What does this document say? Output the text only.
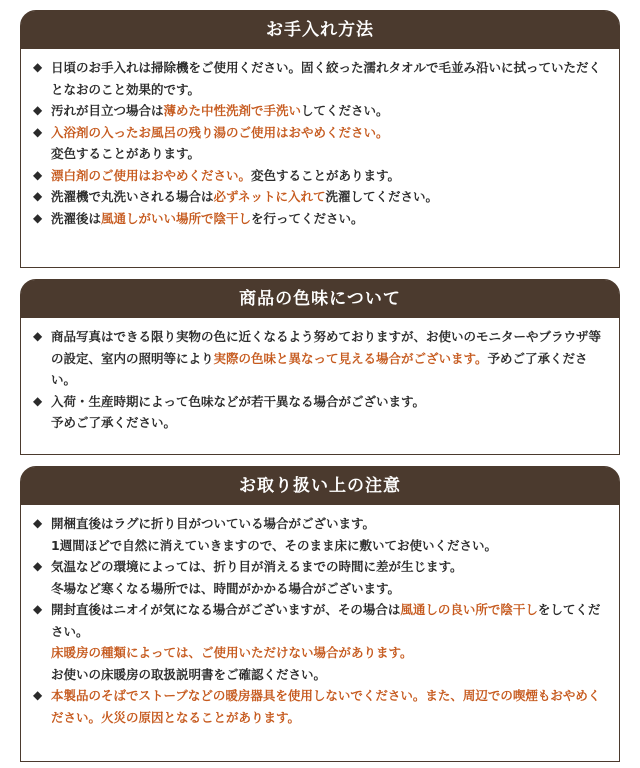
お手入れ方法
◆ 日頃のお手入れは掃除機をご使用ください。固く絞った濡れタオルで毛並み沿いに拭っていただくとなおのこと効果的です。
◆ 汚れが目立つ場合は薄めた中性洗剤で手洗いしてください。
◆ 入浴剤の入ったお風呂の残り湯のご使用はおやめください。
変色することがあります。
◆ 漂白剤のご使用はおやめください。変色することがあります。
◆ 洗濯機で丸洗いされる場合は必ずネットに入れて洗濯してください。
◆ 洗濯後は風通しがいい場所で陰干しを行ってください。
商品の色味について
◆ 商品写真はできる限り実物の色に近くなるよう努めておりますが、お使いのモニターやブラウザ等の設定、室内の照明等により実際の色味と異なって見える場合がございます。予めご了承ください。
◆ 入荷・生産時期によって色味などが若干異なる場合がございます。
予めご了承ください。
お取り扱い上の注意
◆ 開梱直後はラグに折り目がついている場合がございます。
1週間ほどで自然に消えていきますので、そのまま床に敷いてお使いください。
◆ 気温などの環境によっては、折り目が消えるまでの時間に差が生じます。
冬場など寒くなる場所では、時間がかかる場合がございます。
◆ 開封直後はニオイが気になる場合がございますが、その場合は風通しの良い所で陰干しをしてください。
床暖房の種類によっては、ご使用いただけない場合があります。
お使いの床暖房の取扱説明書をご確認ください。
◆ 本製品のそばでストーブなどの暖房器具を使用しないでください。また、周辺での喫煙もおやめください。火災の原因となることがあります。
